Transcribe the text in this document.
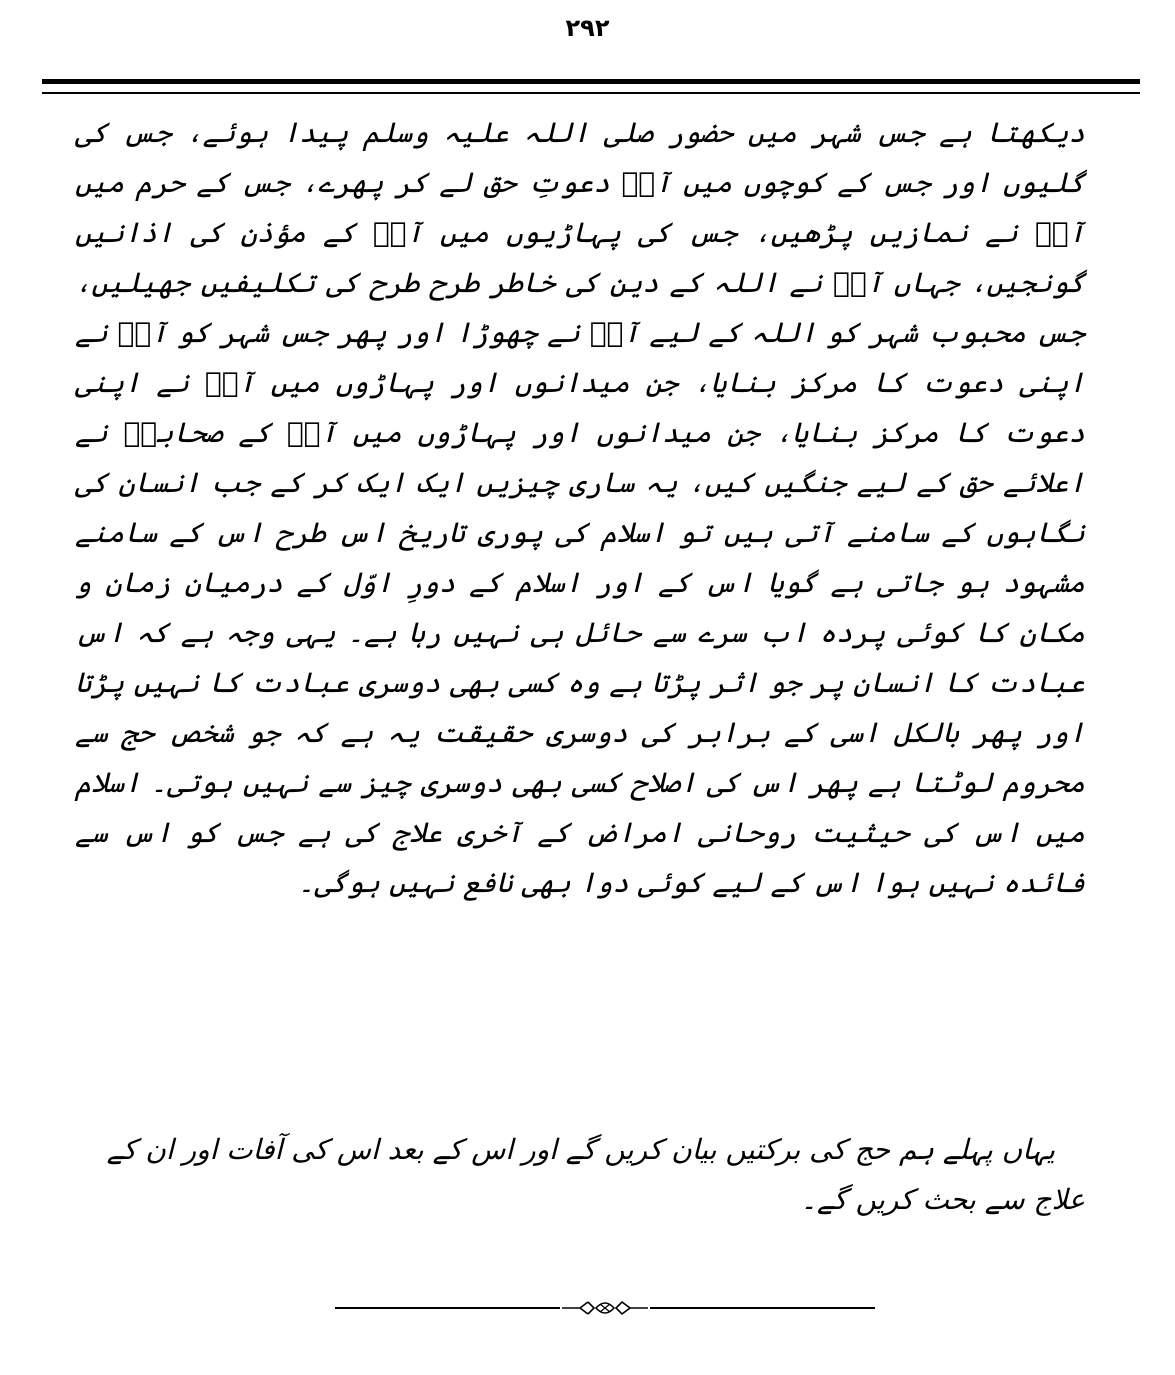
۲۹۲

دیکھتا ہے جس شہر میں حضور صلی اللہ علیہ وسلم پیدا ہوئے، جس کی گلیوں اور جس کے کوچوں میں آپؐ دعوتِ حق لے کر پھرے، جس کے حرم میں آپؐ نے نمازیں پڑھیں، جس کی پہاڑیوں میں آپؐ کے مؤذن کی اذانیں گونجیں، جہاں آپؐ نے اللہ کے دین کی خاطر طرح طرح کی تکلیفیں جھیلیں، جس محبوب شہر کو اللہ کے لیے آپؐ نے چھوڑا اور پھر جس شہر کو آپؐ نے اپنی دعوت کا مرکز بنایا، جن میدانوں اور پہاڑوں میں آپؐ نے اپنی دعوت کا مرکز بنایا، جن میدانوں اور پہاڑوں میں آپؐ کے صحابہؓ نے اعلائے حق کے لیے جنگیں کیں، یہ ساری چیزیں ایک ایک کر کے جب انسان کی نگاہوں کے سامنے آتی ہیں تو اسلام کی پوری تاریخ اس طرح اس کے سامنے مشہود ہو جاتی ہے گویا اس کے اور اسلام کے دورِ اوّل کے درمیان زمان و مکان کا کوئی پردہ اب سرے سے حائل ہی نہیں رہا ہے۔ یہی وجہ ہے کہ اس عبادت کا انسان پر جو اثر پڑتا ہے وہ کسی بھی دوسری عبادت کا نہیں پڑتا اور پھر بالکل اسی کے برابر کی دوسری حقیقت یہ ہے کہ جو شخص حج سے محروم لوٹتا ہے پھر اس کی اصلاح کسی بھی دوسری چیز سے نہیں ہوتی۔ اسلام میں اس کی حیثیت روحانی امراض کے آخری علاج کی ہے جس کو اس سے فائدہ نہیں ہوا اس کے لیے کوئی دوا بھی نافع نہیں ہوگی۔

یہاں پہلے ہم حج کی برکتیں بیان کریں گے اور اس کے بعد اس کی آفات اور ان کے علاج سے بحث کریں گے۔
